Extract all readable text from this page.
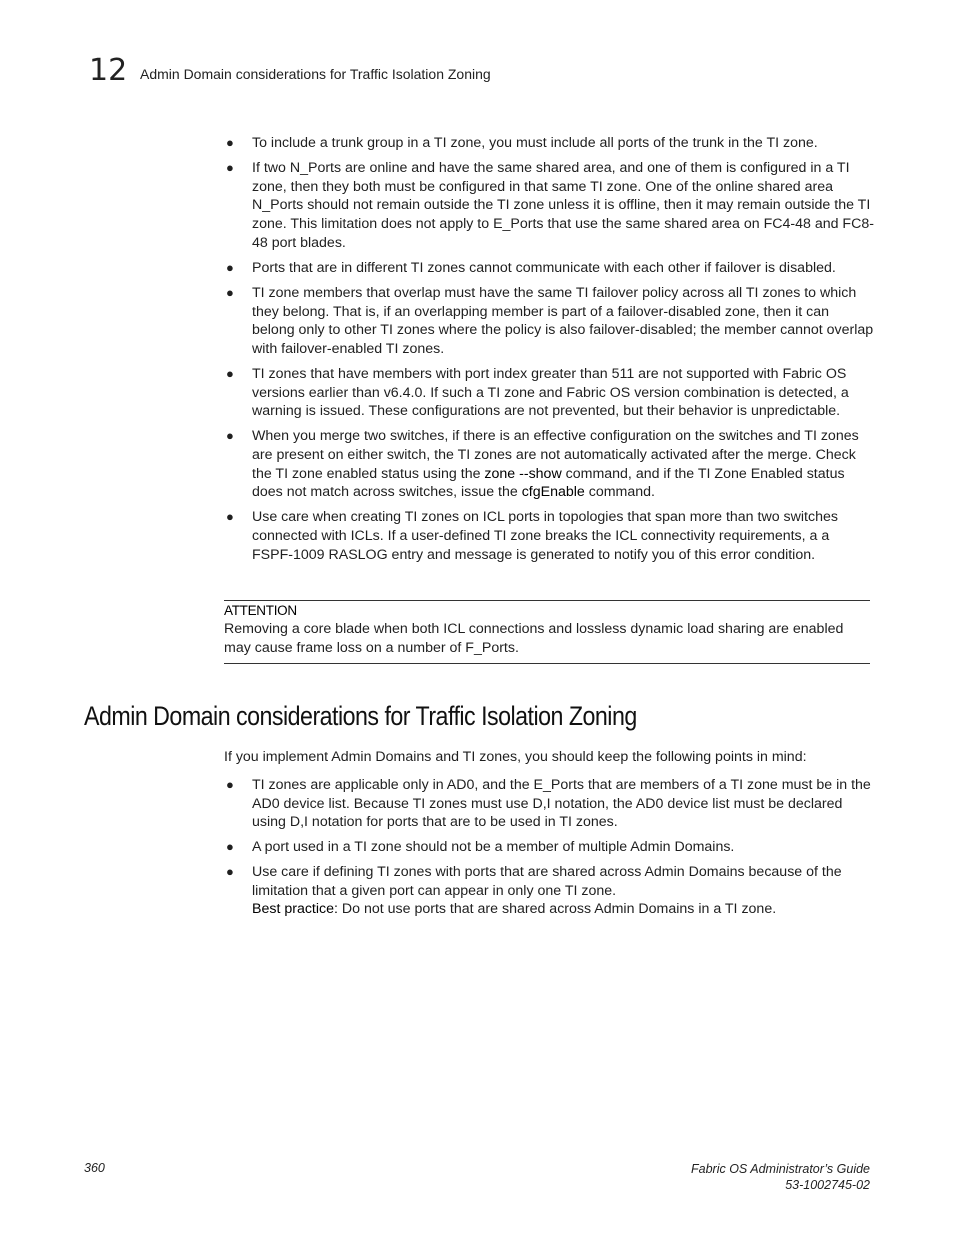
12 Admin Domain considerations for Traffic Isolation Zoning
● To include a trunk group in a TI zone, you must include all ports of the trunk in the TI zone.
● If two N_Ports are online and have the same shared area, and one of them is configured in a TI zone, then they both must be configured in that same TI zone. One of the online shared area N_Ports should not remain outside the TI zone unless it is offline, then it may remain outside the TI zone. This limitation does not apply to E_Ports that use the same shared area on FC4-48 and FC8-48 port blades.
● Ports that are in different TI zones cannot communicate with each other if failover is disabled.
● TI zone members that overlap must have the same TI failover policy across all TI zones to which they belong. That is, if an overlapping member is part of a failover-disabled zone, then it can belong only to other TI zones where the policy is also failover-disabled; the member cannot overlap with failover-enabled TI zones.
● TI zones that have members with port index greater than 511 are not supported with Fabric OS versions earlier than v6.4.0. If such a TI zone and Fabric OS version combination is detected, a warning is issued. These configurations are not prevented, but their behavior is unpredictable.
● When you merge two switches, if there is an effective configuration on the switches and TI zones are present on either switch, the TI zones are not automatically activated after the merge. Check the TI zone enabled status using the zone --show command, and if the TI Zone Enabled status does not match across switches, issue the cfgEnable command.
● Use care when creating TI zones on ICL ports in topologies that span more than two switches connected with ICLs. If a user-defined TI zone breaks the ICL connectivity requirements, a a FSPF-1009 RASLOG entry and message is generated to notify you of this error condition.
ATTENTION
Removing a core blade when both ICL connections and lossless dynamic load sharing are enabled may cause frame loss on a number of F_Ports.
Admin Domain considerations for Traffic Isolation Zoning

If you implement Admin Domains and TI zones, you should keep the following points in mind:

● TI zones are applicable only in AD0, and the E_Ports that are members of a TI zone must be in the AD0 device list. Because TI zones must use D,I notation, the AD0 device list must be declared using D,I notation for ports that are to be used in TI zones.
● A port used in a TI zone should not be a member of multiple Admin Domains.
● Use care if defining TI zones with ports that are shared across Admin Domains because of the limitation that a given port can appear in only one TI zone.
Best practice: Do not use ports that are shared across Admin Domains in a TI zone.
360	Fabric OS Administrator’s Guide
53-1002745-02
